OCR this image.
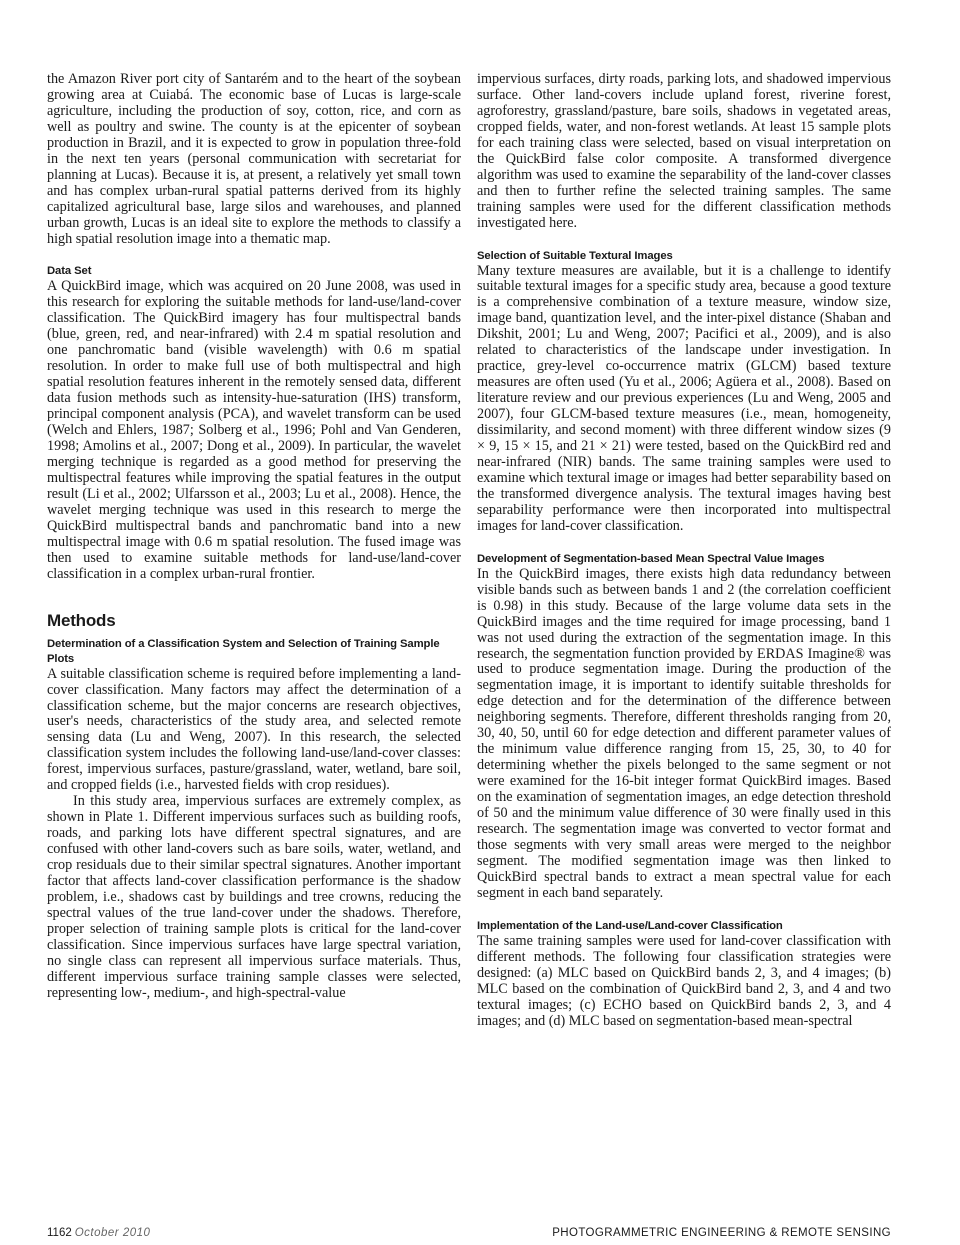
the Amazon River port city of Santarém and to the heart of the soybean growing area at Cuiabá. The economic base of Lucas is large-scale agriculture, including the production of soy, cotton, rice, and corn as well as poultry and swine. The county is at the epicenter of soybean production in Brazil, and it is expected to grow in population three-fold in the next ten years (personal communication with secretariat for planning at Lucas). Because it is, at present, a relatively yet small town and has complex urban-rural spatial patterns derived from its highly capitalized agricultural base, large silos and warehouses, and planned urban growth, Lucas is an ideal site to explore the methods to classify a high spatial resolution image into a thematic map.

Data Set

A QuickBird image, which was acquired on 20 June 2008, was used in this research for exploring the suitable methods for land-use/land-cover classification. The QuickBird imagery has four multispectral bands (blue, green, red, and near-infrared) with 2.4 m spatial resolution and one panchromatic band (visible wavelength) with 0.6 m spatial resolution. In order to make full use of both multispectral and high spatial resolution features inherent in the remotely sensed data, different data fusion methods such as intensity-hue-saturation (IHS) transform, principal component analysis (PCA), and wavelet transform can be used (Welch and Ehlers, 1987; Solberg et al., 1996; Pohl and Van Genderen, 1998; Amolins et al., 2007; Dong et al., 2009). In particular, the wavelet merging technique is regarded as a good method for preserving the multispectral features while improving the spatial features in the output result (Li et al., 2002; Ulfarsson et al., 2003; Lu et al., 2008). Hence, the wavelet merging technique was used in this research to merge the QuickBird multispectral bands and panchromatic band into a new multispectral image with 0.6 m spatial resolution. The fused image was then used to examine suitable methods for land-use/land-cover classification in a complex urban-rural frontier.

Methods

Determination of a Classification System and Selection of Training Sample Plots

A suitable classification scheme is required before implementing a land-cover classification. Many factors may affect the determination of a classification scheme, but the major concerns are research objectives, user's needs, characteristics of the study area, and selected remote sensing data (Lu and Weng, 2007). In this research, the selected classification system includes the following land-use/land-cover classes: forest, impervious surfaces, pasture/grassland, water, wetland, bare soil, and cropped fields (i.e., harvested fields with crop residues).

In this study area, impervious surfaces are extremely complex, as shown in Plate 1. Different impervious surfaces such as building roofs, roads, and parking lots have different spectral signatures, and are confused with other land-covers such as bare soils, water, wetland, and crop residuals due to their similar spectral signatures. Another important factor that affects land-cover classification performance is the shadow problem, i.e., shadows cast by buildings and tree crowns, reducing the spectral values of the true land-cover under the shadows. Therefore, proper selection of training sample plots is critical for the land-cover classification. Since impervious surfaces have large spectral variation, no single class can represent all impervious surface materials. Thus, different impervious surface training sample classes were selected, representing low-, medium-, and high-spectral-value

impervious surfaces, dirty roads, parking lots, and shadowed impervious surface. Other land-covers include upland forest, riverine forest, agroforestry, grassland/pasture, bare soils, shadows in vegetated areas, cropped fields, water, and non-forest wetlands. At least 15 sample plots for each training class were selected, based on visual interpretation on the QuickBird false color composite. A transformed divergence algorithm was used to examine the separability of the land-cover classes and then to further refine the selected training samples. The same training samples were used for the different classification methods investigated here.

Selection of Suitable Textural Images

Many texture measures are available, but it is a challenge to identify suitable textural images for a specific study area, because a good texture is a comprehensive combination of a texture measure, window size, image band, quantization level, and the inter-pixel distance (Shaban and Dikshit, 2001; Lu and Weng, 2007; Pacifici et al., 2009), and is also related to characteristics of the landscape under investigation. In practice, grey-level co-occurrence matrix (GLCM) based texture measures are often used (Yu et al., 2006; Agüera et al., 2008). Based on literature review and our previous experiences (Lu and Weng, 2005 and 2007), four GLCM-based texture measures (i.e., mean, homogeneity, dissimilarity, and second moment) with three different window sizes (9 × 9, 15 × 15, and 21 × 21) were tested, based on the QuickBird red and near-infrared (NIR) bands. The same training samples were used to examine which textural image or images had better separability based on the transformed divergence analysis. The textural images having best separability performance were then incorporated into multispectral images for land-cover classification.

Development of Segmentation-based Mean Spectral Value Images

In the QuickBird images, there exists high data redundancy between visible bands such as between bands 1 and 2 (the correlation coefficient is 0.98) in this study. Because of the large volume data sets in the QuickBird images and the time required for image processing, band 1 was not used during the extraction of the segmentation image. In this research, the segmentation function provided by ERDAS Imagine® was used to produce segmentation image. During the production of the segmentation image, it is important to identify suitable thresholds for edge detection and for the determination of the difference between neighboring segments. Therefore, different thresholds ranging from 20, 30, 40, 50, until 60 for edge detection and different parameter values of the minimum value difference ranging from 15, 25, 30, to 40 for determining whether the pixels belonged to the same segment or not were examined for the 16-bit integer format QuickBird images. Based on the examination of segmentation images, an edge detection threshold of 50 and the minimum value difference of 30 were finally used in this research. The segmentation image was converted to vector format and those segments with very small areas were merged to the neighbor segment. The modified segmentation image was then linked to QuickBird spectral bands to extract a mean spectral value for each segment in each band separately.

Implementation of the Land-use/Land-cover Classification

The same training samples were used for land-cover classification with different methods. The following four classification strategies were designed: (a) MLC based on QuickBird bands 2, 3, and 4 images; (b) MLC based on the combination of QuickBird band 2, 3, and 4 and two textural images; (c) ECHO based on QuickBird bands 2, 3, and 4 images; and (d) MLC based on segmentation-based mean-spectral

1162 October 2010	PHOTOGRAMMETRIC ENGINEERING & REMOTE SENSING
